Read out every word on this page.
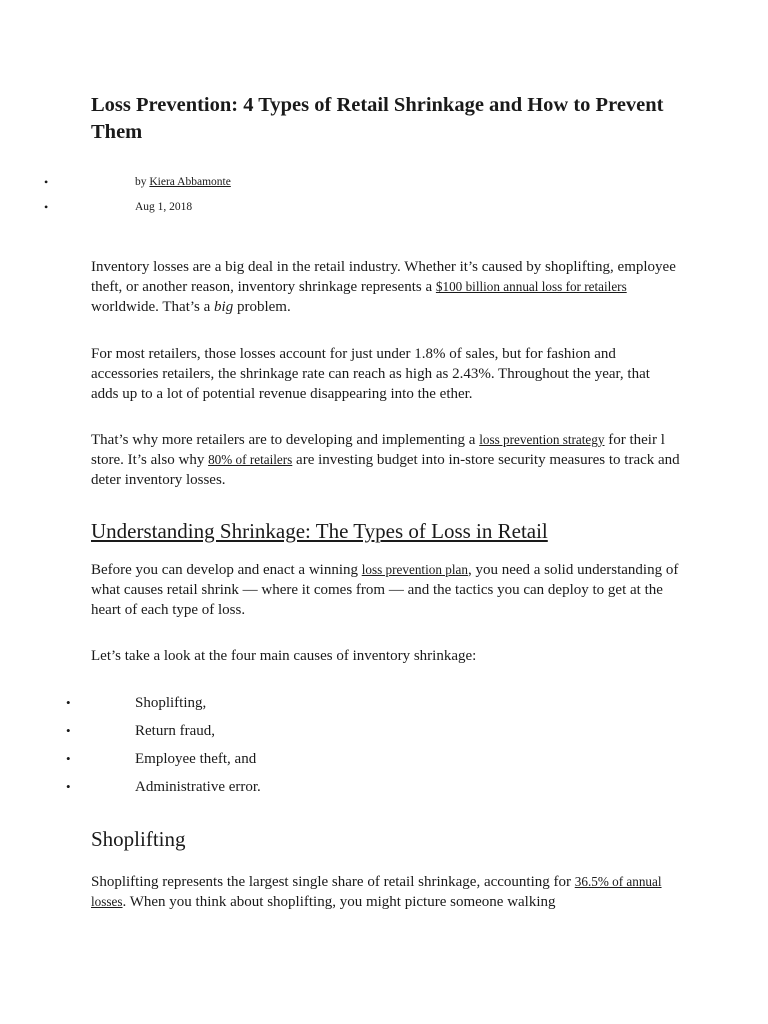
Loss Prevention: 4 Types of Retail Shrinkage and How to Prevent Them
•	by Kiera Abbamonte
•	Aug 1, 2018

Inventory losses are a big deal in the retail industry. Whether it’s caused by shoplifting, employee theft, or another reason, inventory shrinkage represents a $100 billion annual loss for retailers worldwide. That’s a big problem.

For most retailers, those losses account for just under 1.8% of sales, but for fashion and accessories retailers, the shrinkage rate can reach as high as 2.43%. Throughout the year, that adds up to a lot of potential revenue disappearing into the ether.

That’s why more retailers are to developing and implementing a loss prevention strategy for their l store. It’s also why 80% of retailers are investing budget into in-store security measures to track and deter inventory losses.

Understanding Shrinkage: The Types of Loss in Retail

Before you can develop and enact a winning loss prevention plan, you need a solid understanding of what causes retail shrink — where it comes from — and the tactics you can deploy to get at the heart of each type of loss.

Let’s take a look at the four main causes of inventory shrinkage:

•	Shoplifting,
•	Return fraud,
•	Employee theft, and
•	Administrative error.
Shoplifting

Shoplifting represents the largest single share of retail shrinkage, accounting for 36.5% of annual losses. When you think about shoplifting, you might picture someone walking
